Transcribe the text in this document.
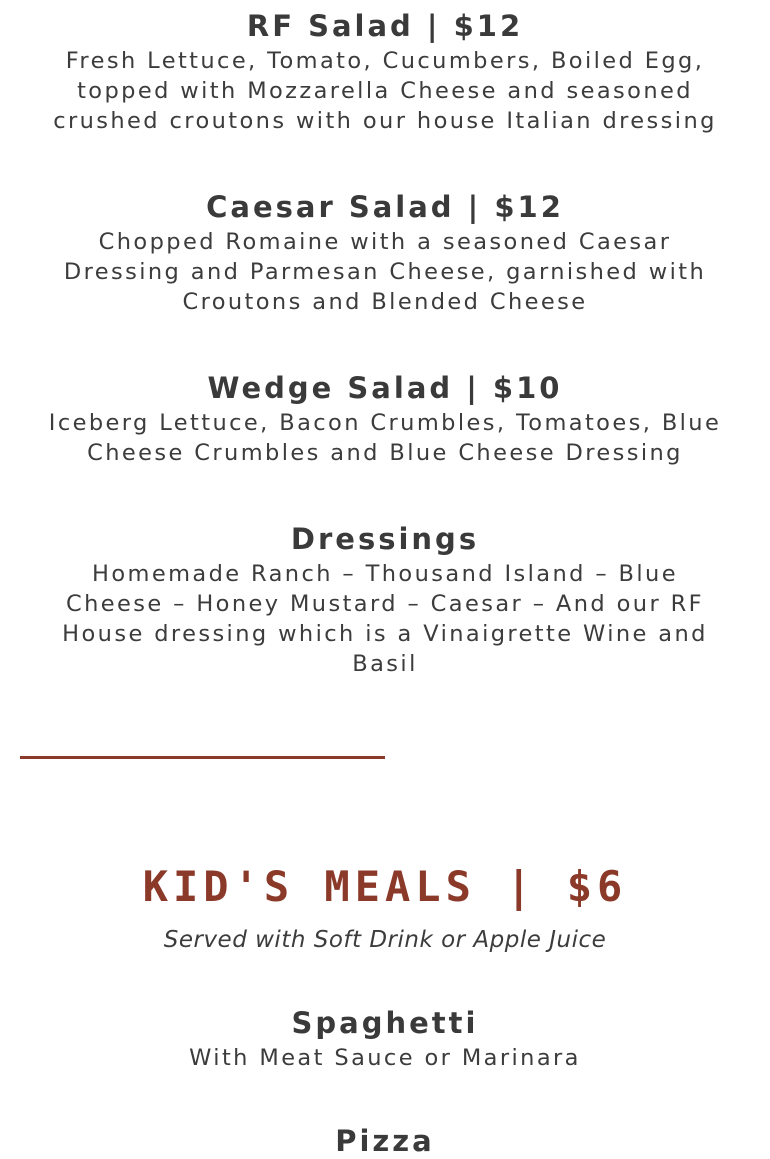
RF Salad | $12
Fresh Lettuce, Tomato, Cucumbers, Boiled Egg,
topped with Mozzarella Cheese and seasoned
crushed croutons with our house Italian dressing
Caesar Salad | $12
Chopped Romaine with a seasoned Caesar
Dressing and Parmesan Cheese, garnished with
Croutons and Blended Cheese
Wedge Salad | $10
Iceberg Lettuce, Bacon Crumbles, Tomatoes, Blue
Cheese Crumbles and Blue Cheese Dressing
Dressings
Homemade Ranch – Thousand Island – Blue
Cheese – Honey Mustard – Caesar – And our RF
House dressing which is a Vinaigrette Wine and
Basil
KID'S MEALS | $6
Served with Soft Drink or Apple Juice
Spaghetti
With Meat Sauce or Marinara
Pizza
